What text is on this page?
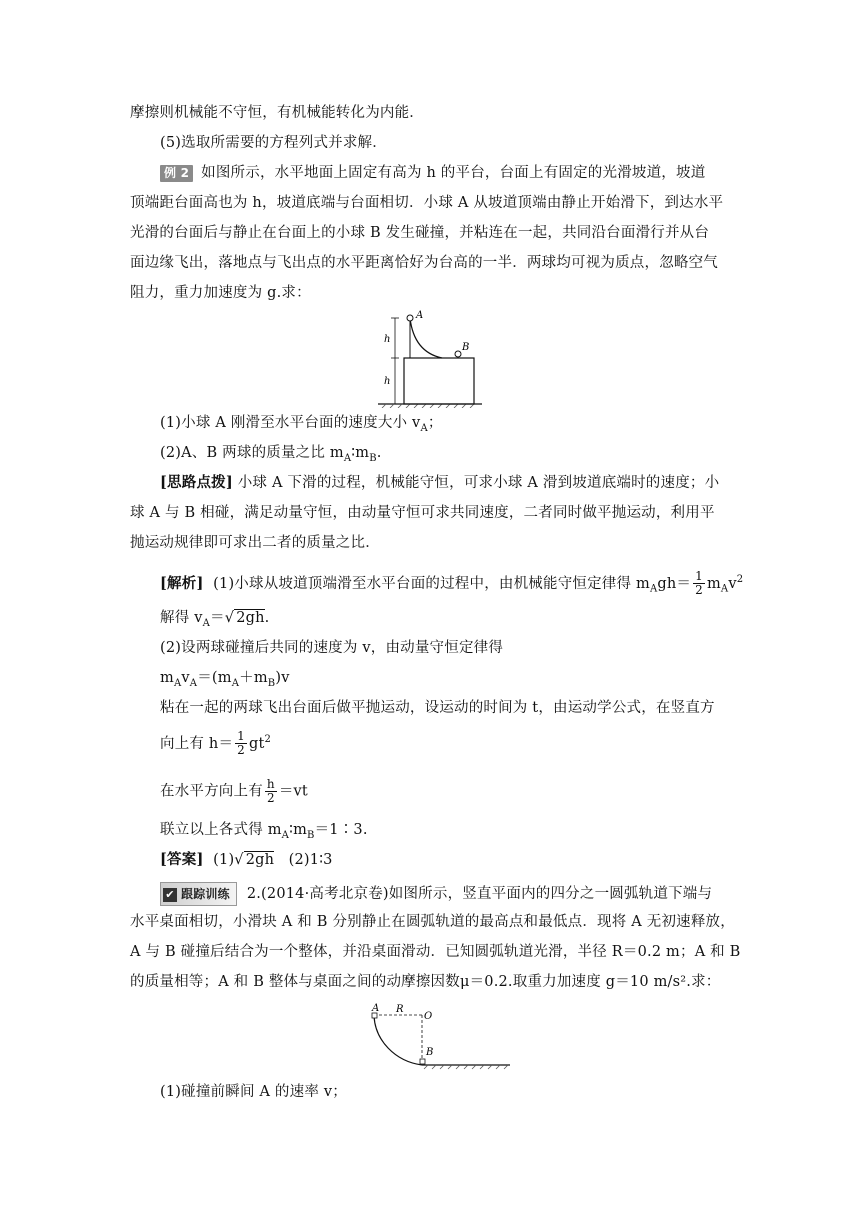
摩擦则机械能不守恒，有机械能转化为内能．
(5)选取所需要的方程列式并求解．
例 2 如图所示，水平地面上固定有高为 h 的平台，台面上有固定的光滑坡道，坡道
顶端距台面高也为 h，坡道底端与台面相切．小球 A 从坡道顶端由静止开始滑下，到达水平
光滑的台面后与静止在台面上的小球 B 发生碰撞，并粘连在一起，共同沿台面滑行并从台
面边缘飞出，落地点与飞出点的水平距离恰好为台高的一半．两球均可视为质点，忽略空气
阻力，重力加速度为 g.求：
A
B
h
h
(1)小球 A 刚滑至水平台面的速度大小 $v_A$；
(2)A、B 两球的质量之比 $m_A∶m_B$.
[思路点拨] 小球 A 下滑的过程，机械能守恒，可求小球 A 滑到坡道底端时的速度；小
球 A 与 B 相碰，满足动量守恒，由动量守恒可求共同速度，二者同时做平抛运动，利用平
抛运动规律即可求出二者的质量之比．
[解析] (1)小球从坡道顶端滑至水平台面的过程中，由机械能守恒定律得 $m_Agh= \frac{1}{2} m_Av^2$
解得 $v_A=√$ 2gh.
(2)设两球碰撞后共同的速度为 v，由动量守恒定律得
$m_Av_A=(m_A+m_B)v$
粘在一起的两球飞出台面后做平抛运动，设运动的时间为 t，由运动学公式，在竖直方
向上有 $h= \frac{1}{2} gt^2$
在水平方向上有 $\frac{h}{2} =vt$
联立以上各式得 $m_A∶m_B=1∶3$.
[答案] (1)√ 2gh (2)1∶3
✔ 跟踪训练 2.(2014·高考北京卷)如图所示，竖直平面内的四分之一圆弧轨道下端与
水平桌面相切，小滑块 A 和 B 分别静止在圆弧轨道的最高点和最低点．现将 A 无初速释放，
A 与 B 碰撞后结合为一个整体，并沿桌面滑动．已知圆弧轨道光滑，半径 R＝0.2 m；A 和 B
的质量相等；A 和 B 整体与桌面之间的动摩擦因数μ＝0.2.取重力加速度 g＝10 m/s².求：
A R
O
B
(1)碰撞前瞬间 A 的速率 v；
